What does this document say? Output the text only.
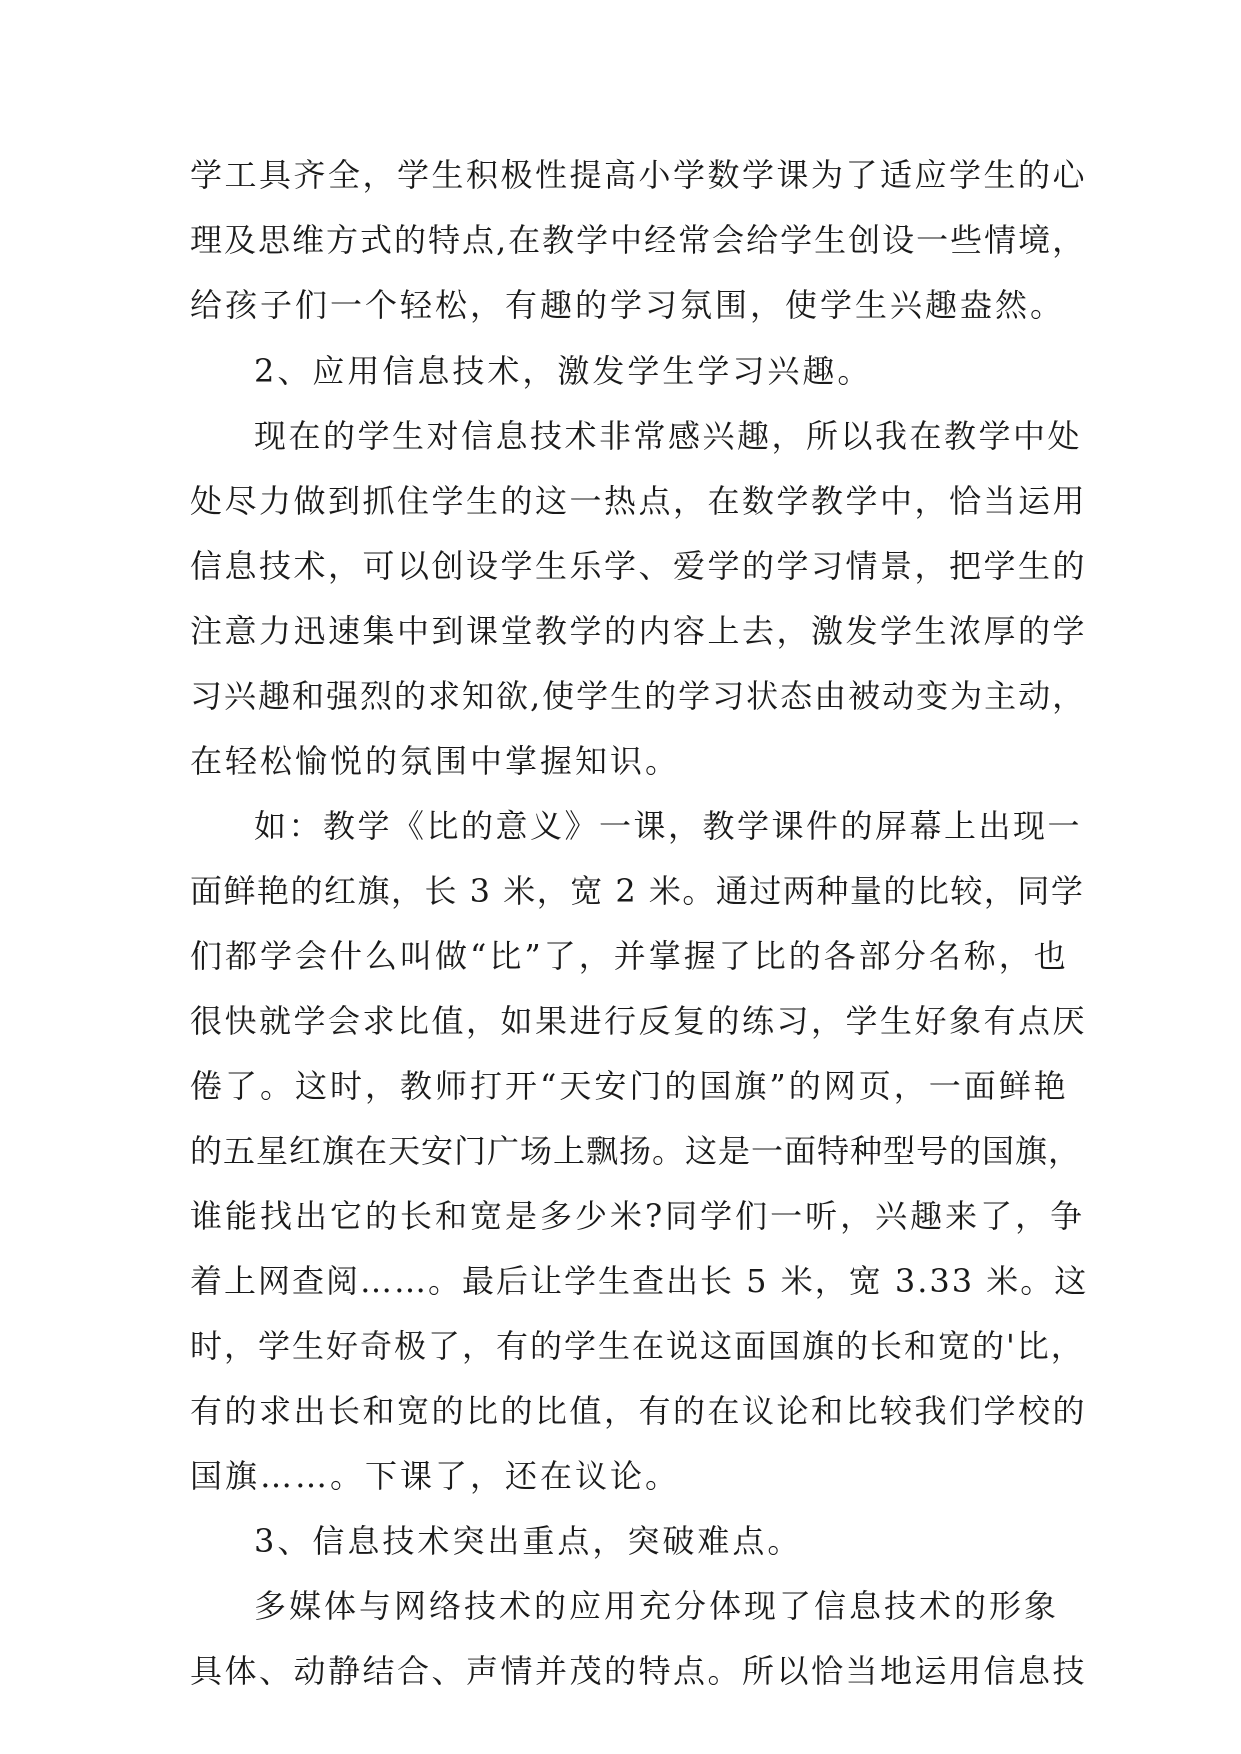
学工具齐全，学生积极性提高小学数学课为了适应学生的心
理及思维方式的特点,在教学中经常会给学生创设一些情境，
给孩子们一个轻松，有趣的学习氛围，使学生兴趣盎然。
2、应用信息技术，激发学生学习兴趣。
现在的学生对信息技术非常感兴趣，所以我在教学中处
处尽力做到抓住学生的这一热点，在数学教学中，恰当运用
信息技术，可以创设学生乐学、爱学的学习情景，把学生的
注意力迅速集中到课堂教学的内容上去，激发学生浓厚的学
习兴趣和强烈的求知欲,使学生的学习状态由被动变为主动，
在轻松愉悦的氛围中掌握知识。
如：教学《比的意义》一课，教学课件的屏幕上出现一
面鲜艳的红旗，长 3 米，宽 2 米。通过两种量的比较，同学
们都学会什么叫做“比”了，并掌握了比的各部分名称，也
很快就学会求比值，如果进行反复的练习，学生好象有点厌
倦了。这时，教师打开“天安门的国旗”的网页，一面鲜艳
的五星红旗在天安门广场上飘扬。这是一面特种型号的国旗，
谁能找出它的长和宽是多少米?同学们一听，兴趣来了，争
着上网查阅……。最后让学生查出长 5 米，宽 3.33 米。这
时，学生好奇极了，有的学生在说这面国旗的长和宽的'比，
有的求出长和宽的比的比值，有的在议论和比较我们学校的
国旗……。下课了，还在议论。
3、信息技术突出重点，突破难点。
多媒体与网络技术的应用充分体现了信息技术的形象
具体、动静结合、声情并茂的特点。所以恰当地运用信息技
